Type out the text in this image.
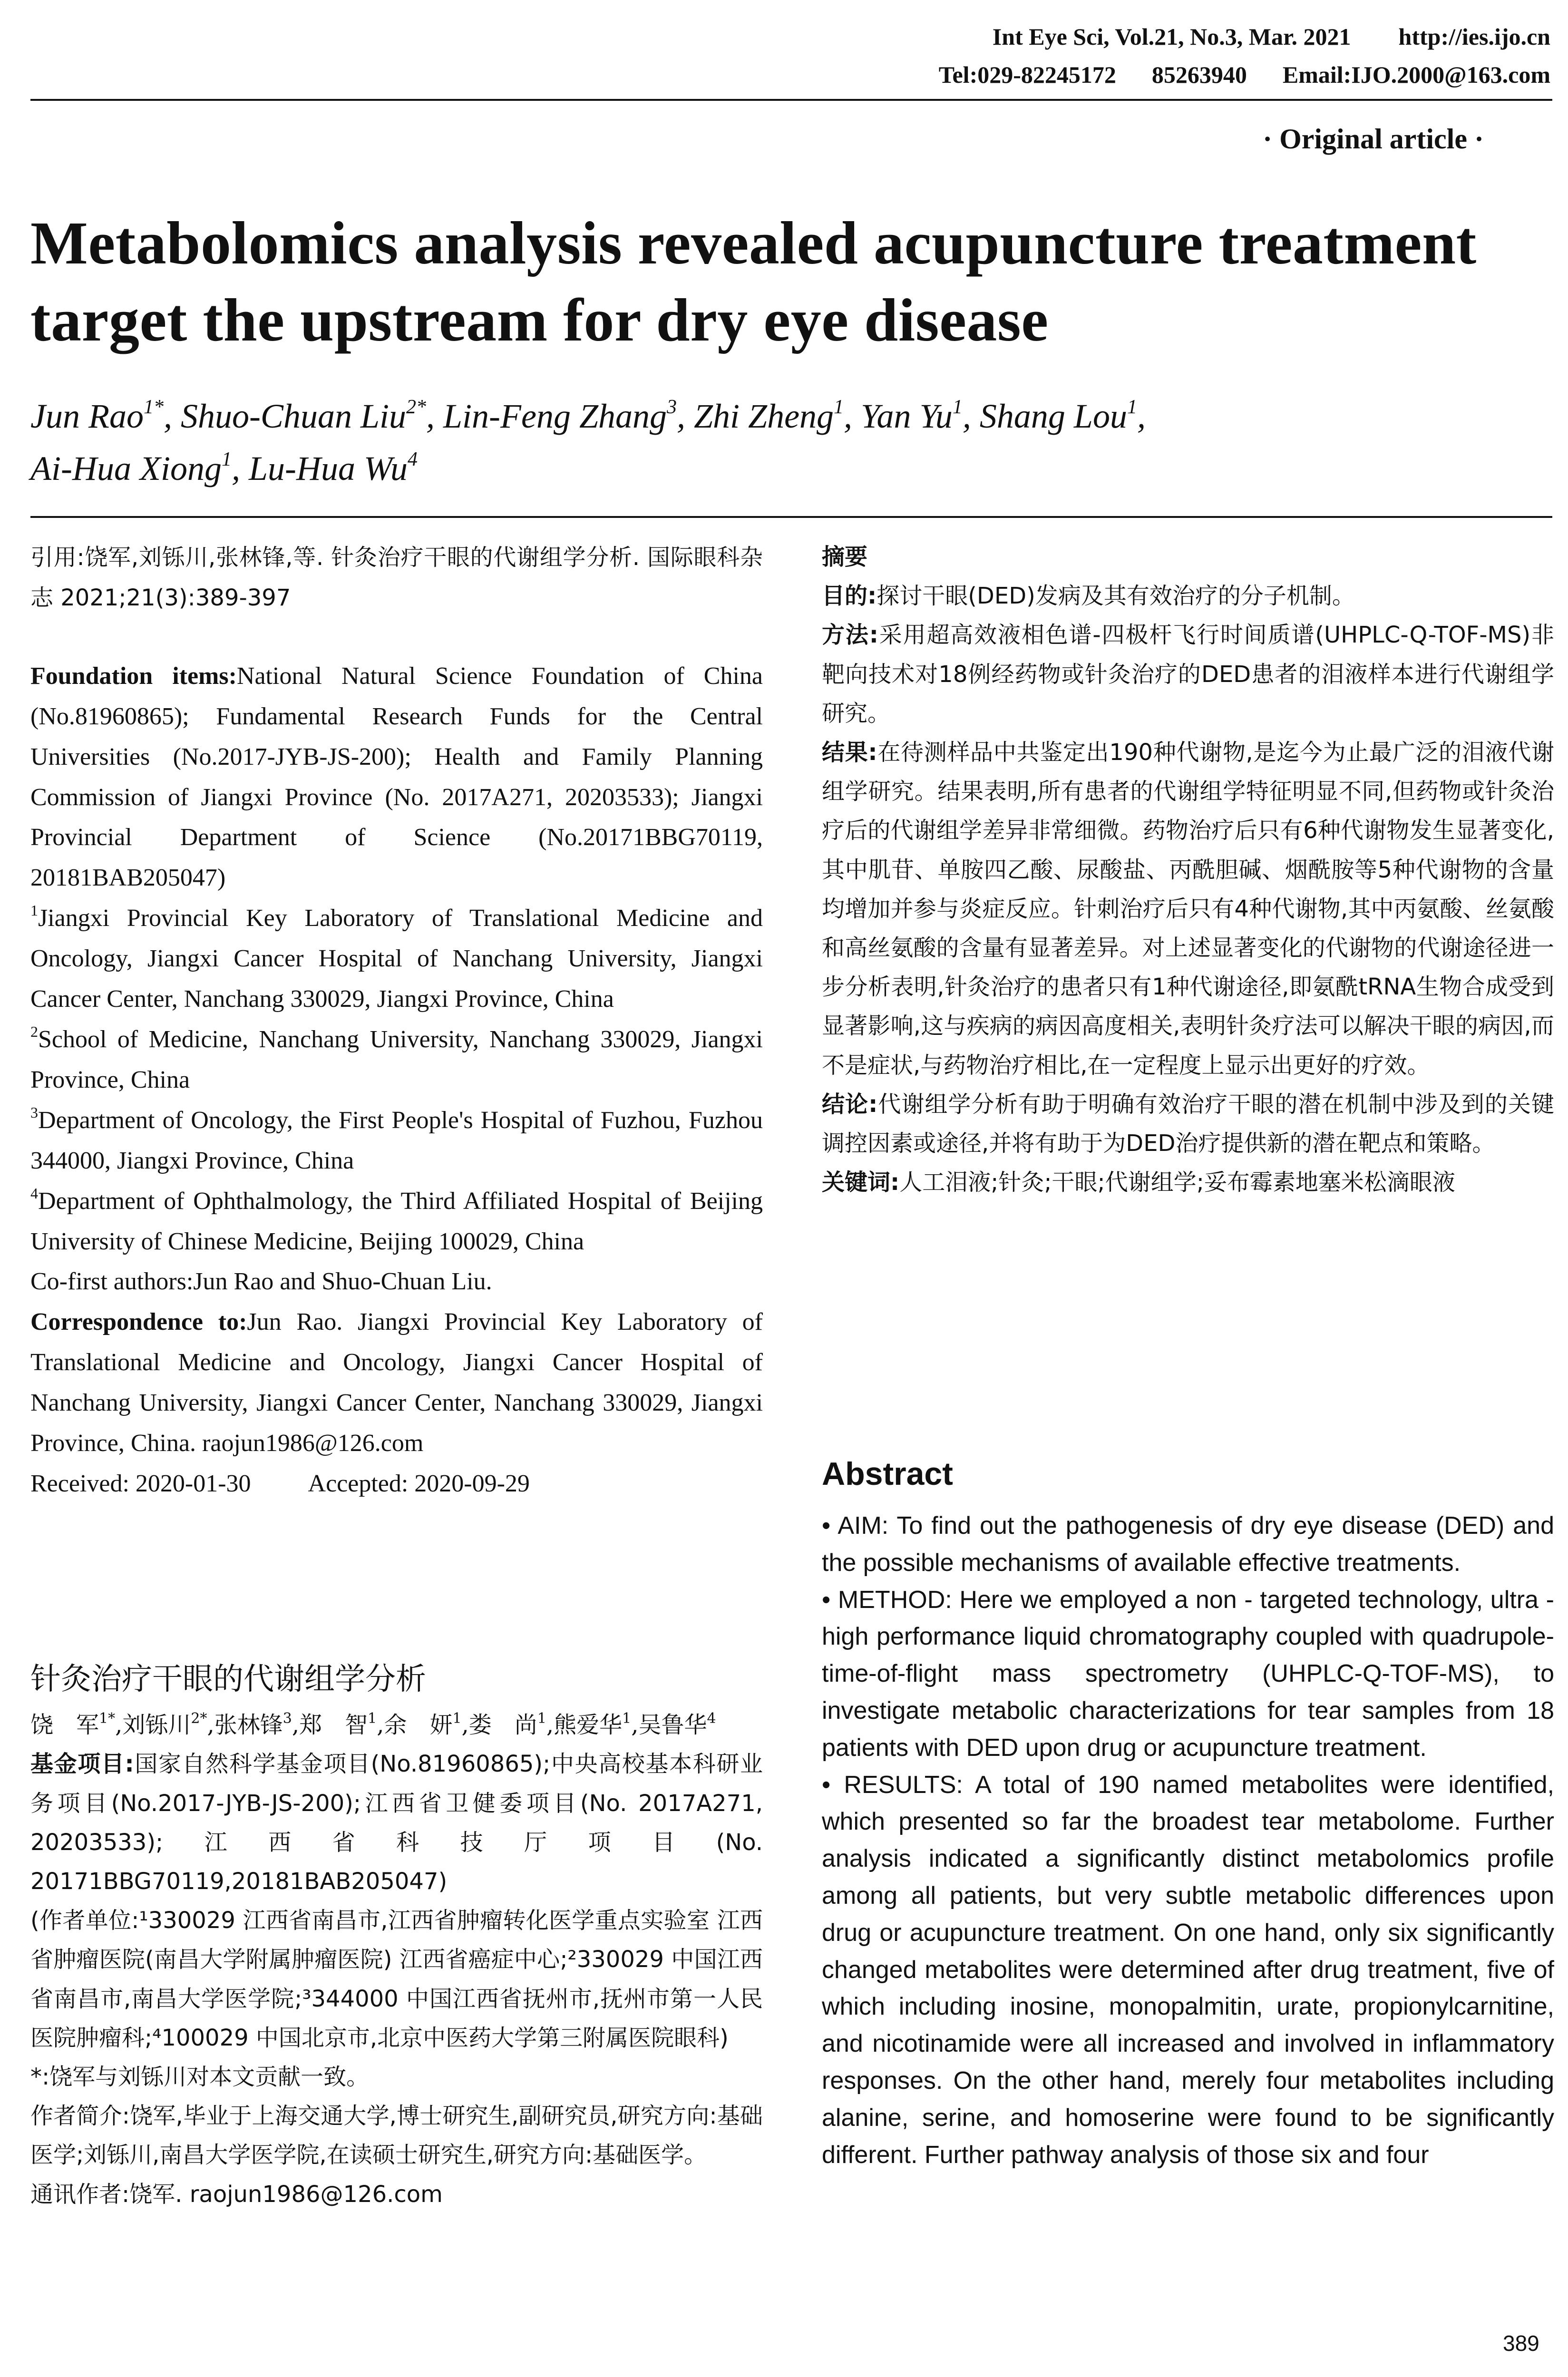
Int Eye Sci, Vol.21, No.3, Mar. 2021        http://ies.ijo.cn
Tel:029-82245172      85263940      Email:IJO.2000@163.com
· Original article ·
Metabolomics analysis revealed acupuncture treatment target the upstream for dry eye disease
Jun Rao$^{1*}$, Shuo-Chuan Liu$^{2*}$, Lin-Feng Zhang$^3$, Zhi Zheng$^1$, Yan Yu$^1$, Shang Lou$^1$,
Ai-Hua Xiong$^1$, Lu-Hua Wu$^4$

引用:饶军,刘铄川,张林锋,等. 针灸治疗干眼的代谢组学分析. 国际眼科杂志 2021;21(3):389-397

Foundation items:National Natural Science Foundation of China (No.81960865); Fundamental Research Funds for the Central Universities (No.2017-JYB-JS-200); Health and Family Planning Commission of Jiangxi Province (No. 2017A271, 20203533); Jiangxi Provincial Department of Science (No.20171BBG70119, 20181BAB205047)

$^1$Jiangxi Provincial Key Laboratory of Translational Medicine and Oncology, Jiangxi Cancer Hospital of Nanchang University, Jiangxi Cancer Center, Nanchang 330029, Jiangxi Province, China

$^2$School of Medicine, Nanchang University, Nanchang 330029, Jiangxi Province, China

$^3$Department of Oncology, the First People's Hospital of Fuzhou, Fuzhou 344000, Jiangxi Province, China

$^4$Department of Ophthalmology, the Third Affiliated Hospital of Beijing University of Chinese Medicine, Beijing 100029, China

Co-first authors:Jun Rao and Shuo-Chuan Liu.

Correspondence to:Jun Rao. Jiangxi Provincial Key Laboratory of Translational Medicine and Oncology, Jiangxi Cancer Hospital of Nanchang University, Jiangxi Cancer Center, Nanchang 330029, Jiangxi Province, China. raojun1986@126.com

Received: 2020-01-30 Accepted: 2020-09-29

针灸治疗干眼的代谢组学分析

饶　军$^{1*}$,刘铄川$^{2*}$,张林锋$^3$,郑　智$^1$,余　妍$^1$,娄　尚$^1$,熊爱华$^1$,吴鲁华$^4$

基金项目:国家自然科学基金项目(No.81960865);中央高校基本科研业务项目(No.2017-JYB-JS-200);江西省卫健委项目(No. 2017A271, 20203533);江西省科技厅项目(No. 20171BBG70119,20181BAB205047)

(作者单位:¹330029 江西省南昌市,江西省肿瘤转化医学重点实验室 江西省肿瘤医院(南昌大学附属肿瘤医院) 江西省癌症中心;²330029 中国江西省南昌市,南昌大学医学院;³344000 中国江西省抚州市,抚州市第一人民医院肿瘤科;⁴100029 中国北京市,北京中医药大学第三附属医院眼科)

*:饶军与刘铄川对本文贡献一致。

作者简介:饶军,毕业于上海交通大学,博士研究生,副研究员,研究方向:基础医学;刘铄川,南昌大学医学院,在读硕士研究生,研究方向:基础医学。

通讯作者:饶军. raojun1986@126.com

摘要

目的:探讨干眼(DED)发病及其有效治疗的分子机制。

方法:采用超高效液相色谱-四极杆飞行时间质谱(UHPLC-Q-TOF-MS)非靶向技术对18例经药物或针灸治疗的DED患者的泪液样本进行代谢组学研究。

结果:在待测样品中共鉴定出190种代谢物,是迄今为止最广泛的泪液代谢组学研究。结果表明,所有患者的代谢组学特征明显不同,但药物或针灸治疗后的代谢组学差异非常细微。药物治疗后只有6种代谢物发生显著变化,其中肌苷、单胺四乙酸、尿酸盐、丙酰胆碱、烟酰胺等5种代谢物的含量均增加并参与炎症反应。针刺治疗后只有4种代谢物,其中丙氨酸、丝氨酸和高丝氨酸的含量有显著差异。对上述显著变化的代谢物的代谢途径进一步分析表明,针灸治疗的患者只有1种代谢途径,即氨酰tRNA生物合成受到显著影响,这与疾病的病因高度相关,表明针灸疗法可以解决干眼的病因,而不是症状,与药物治疗相比,在一定程度上显示出更好的疗效。

结论:代谢组学分析有助于明确有效治疗干眼的潜在机制中涉及到的关键调控因素或途径,并将有助于为DED治疗提供新的潜在靶点和策略。

关键词:人工泪液;针灸;干眼;代谢组学;妥布霉素地塞米松滴眼液

Abstract

• AIM: To find out the pathogenesis of dry eye disease (DED) and the possible mechanisms of available effective treatments.

• METHOD: Here we employed a non - targeted technology, ultra - high performance liquid chromatography coupled with quadrupole-time-of-flight mass spectrometry (UHPLC-Q-TOF-MS), to investigate metabolic characterizations for tear samples from 18 patients with DED upon drug or acupuncture treatment.

• RESULTS: A total of 190 named metabolites were identified, which presented so far the broadest tear metabolome. Further analysis indicated a significantly distinct metabolomics profile among all patients, but very subtle metabolic differences upon drug or acupuncture treatment. On one hand, only six significantly changed metabolites were determined after drug treatment, five of which including inosine, monopalmitin, urate, propionylcarnitine, and nicotinamide were all increased and involved in inflammatory responses. On the other hand, merely four metabolites including alanine, serine, and homoserine were found to be significantly different. Further pathway analysis of those six and four

389
